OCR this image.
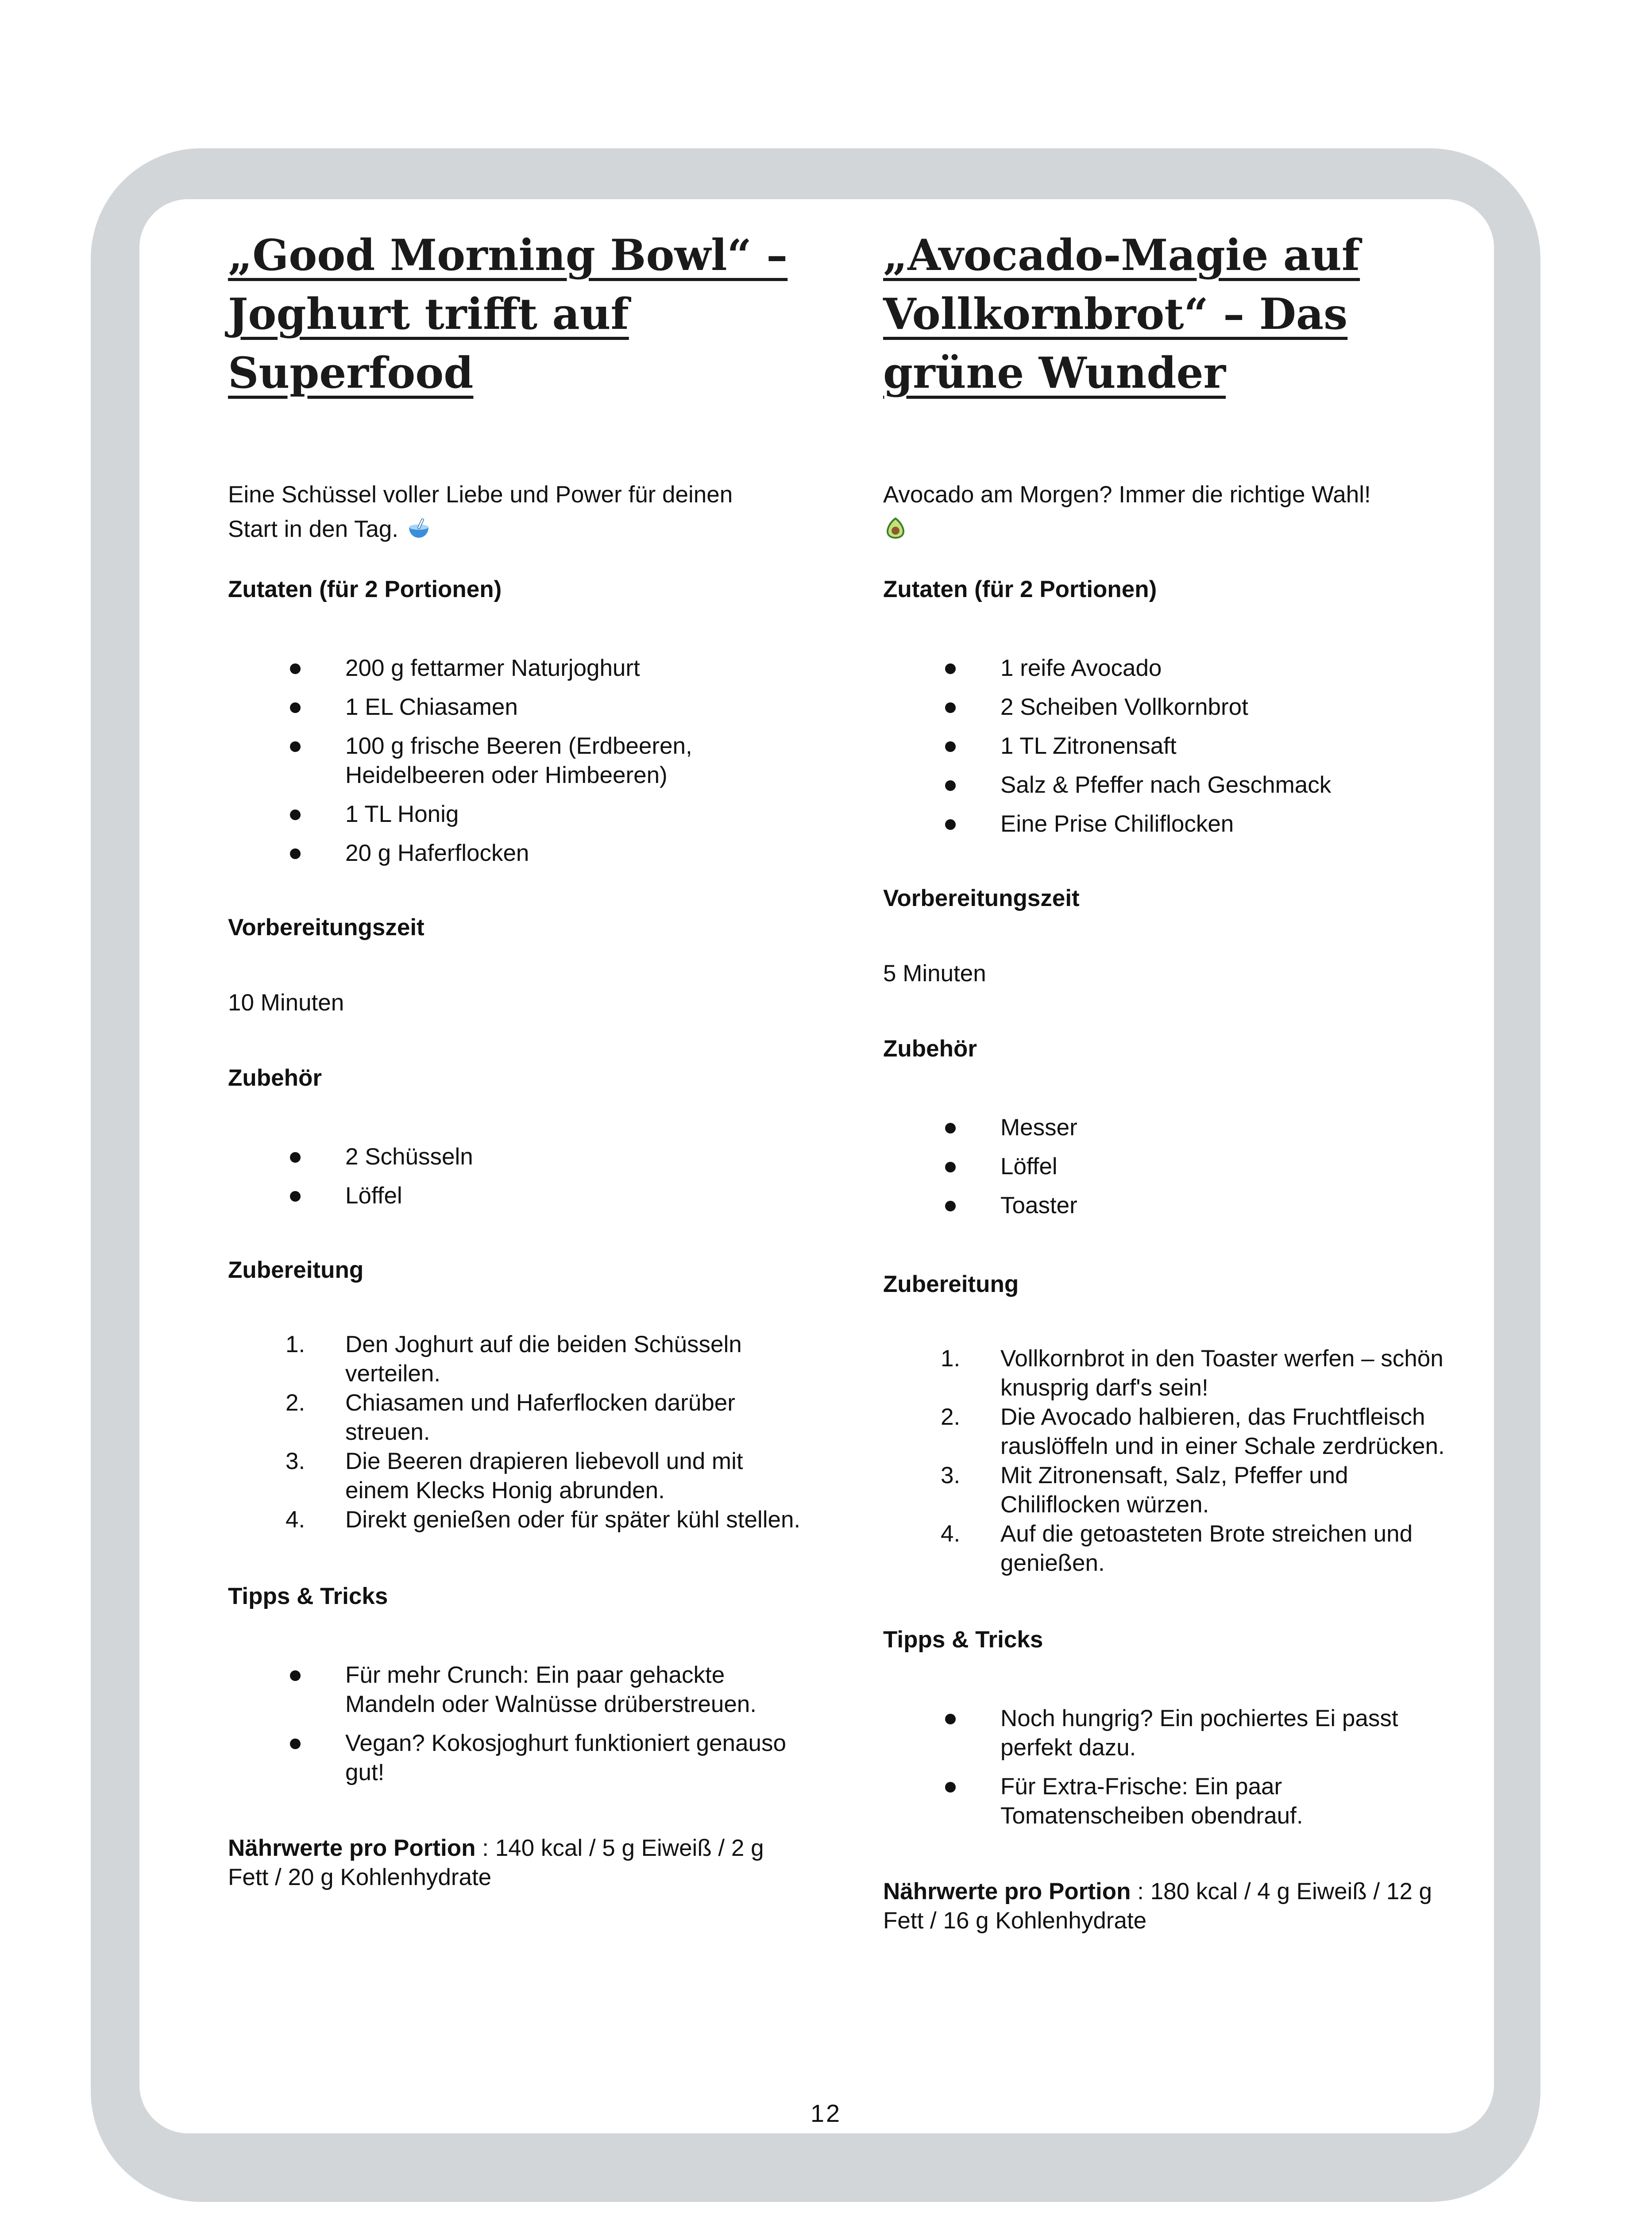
„Good Morning Bowl“ –
Joghurt trifft auf
Superfood

Eine Schüssel voller Liebe und Power für deinen
Start in den Tag.

Zutaten (für 2 Portionen)

200 g fettarmer Naturjoghurt
1 EL Chiasamen
100 g frische Beeren (Erdbeeren, Heidelbeeren oder Himbeeren)
1 TL Honig
20 g Haferflocken

Vorbereitungszeit

10 Minuten

Zubehör

2 Schüsseln
Löffel

Zubereitung

1. Den Joghurt auf die beiden Schüsseln verteilen.
2. Chiasamen und Haferflocken darüber streuen.
3. Die Beeren drapieren liebevoll und mit einem Klecks Honig abrunden.
4. Direkt genießen oder für später kühl stellen.

Tipps & Tricks

Für mehr Crunch: Ein paar gehackte Mandeln oder Walnüsse drüberstreuen.
Vegan? Kokosjoghurt funktioniert genauso gut!

Nährwerte pro Portion : 140 kcal / 5 g Eiweiß / 2 g Fett / 20 g Kohlenhydrate

„Avocado-Magie auf
Vollkornbrot“ – Das
grüne Wunder

Avocado am Morgen? Immer die richtige Wahl!

Zutaten (für 2 Portionen)

1 reife Avocado
2 Scheiben Vollkornbrot
1 TL Zitronensaft
Salz & Pfeffer nach Geschmack
Eine Prise Chiliflocken

Vorbereitungszeit

5 Minuten

Zubehör

Messer
Löffel
Toaster

Zubereitung

1. Vollkornbrot in den Toaster werfen – schön knusprig darf's sein!
2. Die Avocado halbieren, das Fruchtfleisch rauslöffeln und in einer Schale zerdrücken.
3. Mit Zitronensaft, Salz, Pfeffer und Chiliflocken würzen.
4. Auf die getoasteten Brote streichen und genießen.

Tipps & Tricks

Noch hungrig? Ein pochiertes Ei passt perfekt dazu.
Für Extra-Frische: Ein paar Tomatenscheiben obendrauf.

Nährwerte pro Portion : 180 kcal / 4 g Eiweiß / 12 g Fett / 16 g Kohlenhydrate

12
